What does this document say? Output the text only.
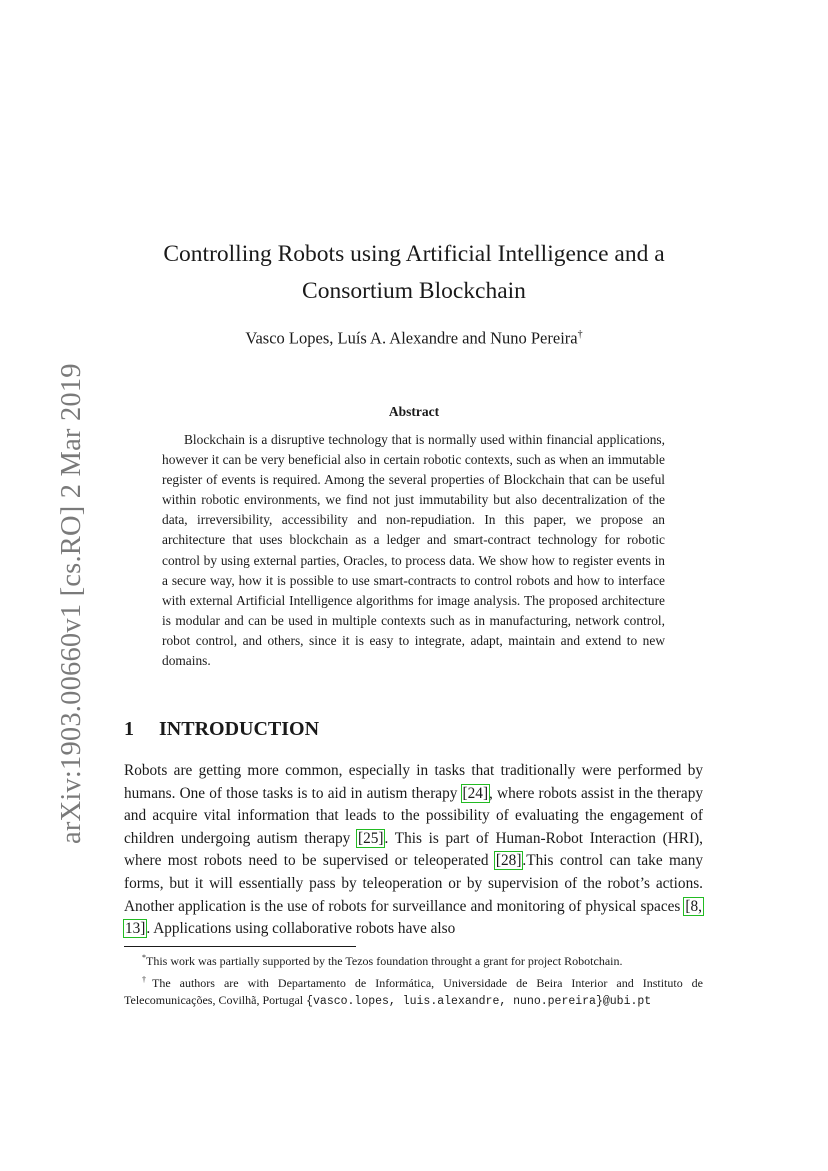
arXiv:1903.00660v1 [cs.RO] 2 Mar 2019
Controlling Robots using Artificial Intelligence and a
Consortium Blockchain
Vasco Lopes, Luís A. Alexandre and Nuno Pereira†
Abstract

Blockchain is a disruptive technology that is normally used within financial applications, however it can be very beneficial also in certain robotic contexts, such as when an immutable register of events is required. Among the several properties of Blockchain that can be useful within robotic environments, we find not just immutability but also decentralization of the data, irreversibility, accessibility and non-repudiation. In this paper, we propose an architecture that uses blockchain as a ledger and smart-contract technology for robotic control by using external parties, Oracles, to process data. We show how to register events in a secure way, how it is possible to use smart-contracts to control robots and how to interface with external Artificial Intelligence algorithms for image analysis. The proposed architecture is modular and can be used in multiple contexts such as in manufacturing, network control, robot control, and others, since it is easy to integrate, adapt, maintain and extend to new domains.

1 INTRODUCTION

Robots are getting more common, especially in tasks that traditionally were performed by humans. One of those tasks is to aid in autism therapy [24], where robots assist in the therapy and acquire vital information that leads to the possibility of evaluating the engagement of children undergoing autism therapy [25]. This is part of Human-Robot Interaction (HRI), where most robots need to be supervised or teleoperated [28].This control can take many forms, but it will essentially pass by teleoperation or by supervision of the robot’s actions. Another application is the use of robots for surveillance and monitoring of physical spaces [8, 13]. Applications using collaborative robots have also

*This work was partially supported by the Tezos foundation throught a grant for project Robotchain.

†The authors are with Departamento de Informática, Universidade de Beira Interior and Instituto de Telecomunicações, Covilhã, Portugal {vasco.lopes, luis.alexandre, nuno.pereira}@ubi.pt
